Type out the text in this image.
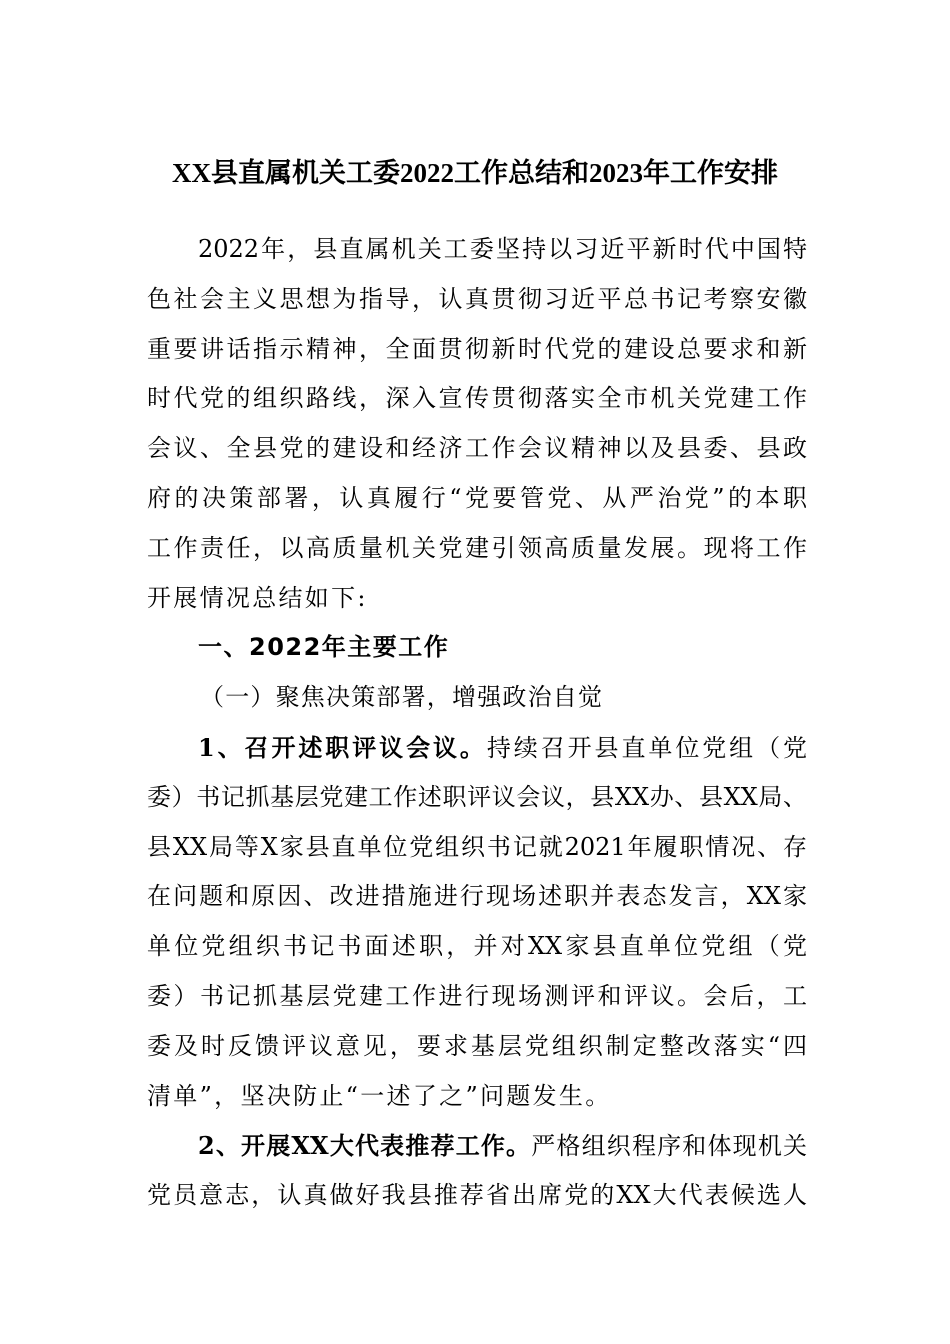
XX县直属机关工委2022工作总结和2023年工作安排
2022年，县直属机关工委坚持以习近平新时代中国特
色社会主义思想为指导，认真贯彻习近平总书记考察安徽
重要讲话指示精神，全面贯彻新时代党的建设总要求和新
时代党的组织路线，深入宣传贯彻落实全市机关党建工作
会议、全县党的建设和经济工作会议精神以及县委、县政
府的决策部署，认真履行“党要管党、从严治党”的本职
工作责任，以高质量机关党建引领高质量发展。现将工作
开展情况总结如下:
一、2022年主要工作
（一）聚焦决策部署，增强政治自觉
1、召开述职评议会议。持续召开县直单位党组（党
委）书记抓基层党建工作述职评议会议，县XX办、县XX局、
县XX局等X家县直单位党组织书记就2021年履职情况、存
在问题和原因、改进措施进行现场述职并表态发言，XX家
单位党组织书记书面述职，并对XX家县直单位党组（党
委）书记抓基层党建工作进行现场测评和评议。会后，工
委及时反馈评议意见，要求基层党组织制定整改落实“四
清单”，坚决防止“一述了之”问题发生。
2、开展XX大代表推荐工作。严格组织程序和体现机关
党员意志，认真做好我县推荐省出席党的XX大代表候选人
